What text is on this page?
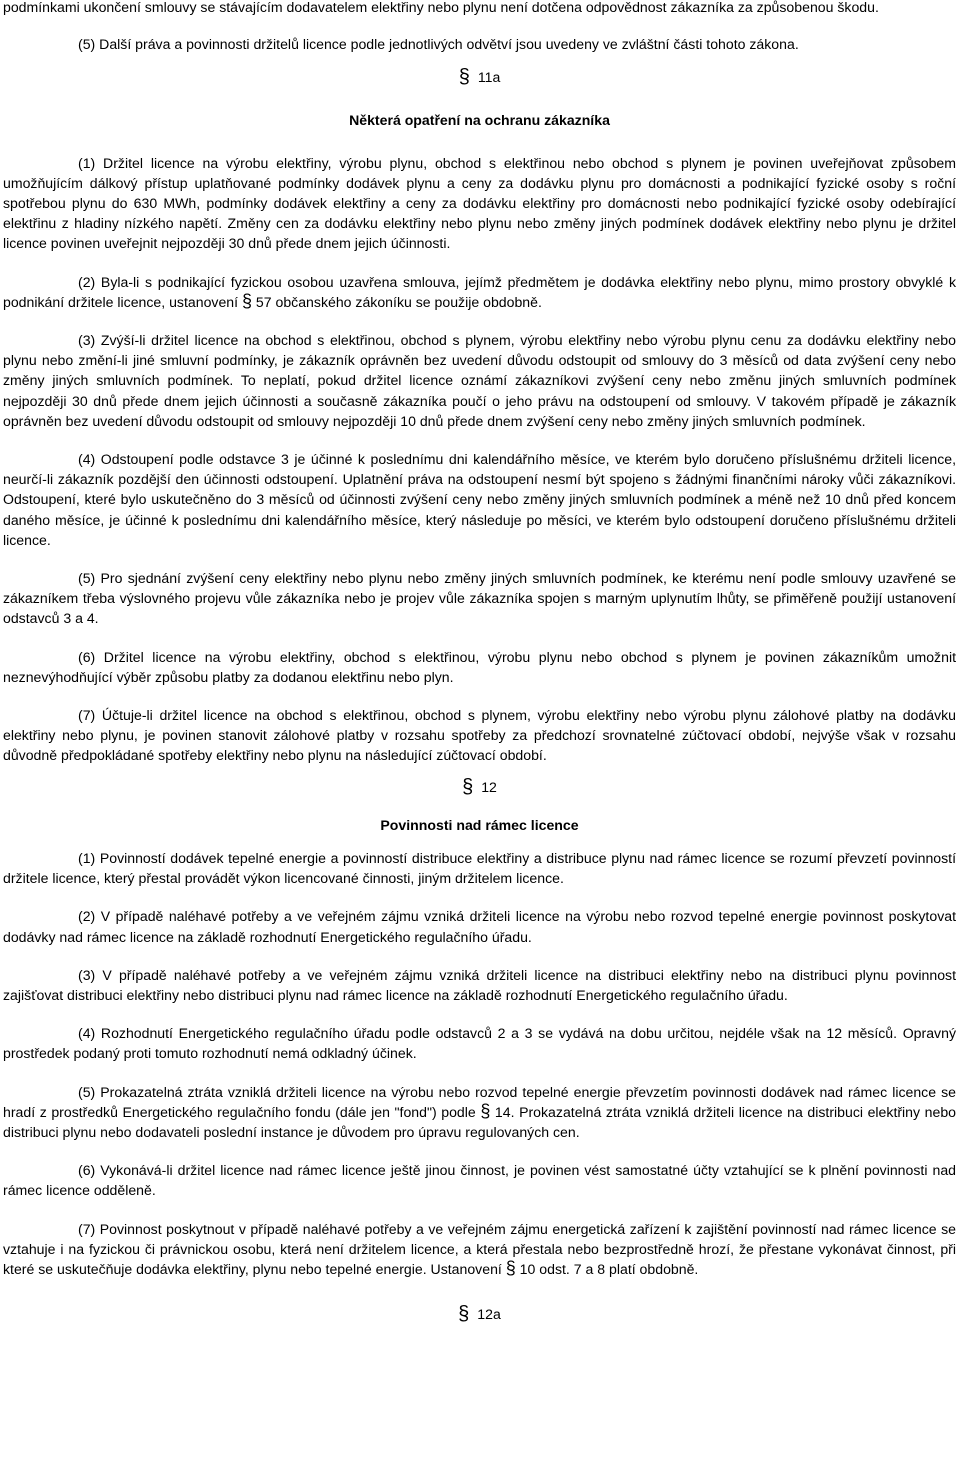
podmínkami ukončení smlouvy se stávajícím dodavatelem elektřiny nebo plynu není dotčena odpovědnost zákazníka za způsobenou škodu.

(5) Další práva a povinnosti držitelů licence podle jednotlivých odvětví jsou uvedeny ve zvláštní části tohoto zákona.

§ 11a

Některá opatření na ochranu zákazníka

(1) Držitel licence na výrobu elektřiny, výrobu plynu, obchod s elektřinou nebo obchod s plynem je povinen uveřejňovat způsobem umožňujícím dálkový přístup uplatňované podmínky dodávek plynu a ceny za dodávku plynu pro domácnosti a podnikající fyzické osoby s roční spotřebou plynu do 630 MWh, podmínky dodávek elektřiny a ceny za dodávku elektřiny pro domácnosti nebo podnikající fyzické osoby odebírající elektřinu z hladiny nízkého napětí. Změny cen za dodávku elektřiny nebo plynu nebo změny jiných podmínek dodávek elektřiny nebo plynu je držitel licence povinen uveřejnit nejpozději 30 dnů přede dnem jejich účinnosti.

(2) Byla-li s podnikající fyzickou osobou uzavřena smlouva, jejímž předmětem je dodávka elektřiny nebo plynu, mimo prostory obvyklé k podnikání držitele licence, ustanovení § 57 občanského zákoníku se použije obdobně.

(3) Zvýší-li držitel licence na obchod s elektřinou, obchod s plynem, výrobu elektřiny nebo výrobu plynu cenu za dodávku elektřiny nebo plynu nebo změní-li jiné smluvní podmínky, je zákazník oprávněn bez uvedení důvodu odstoupit od smlouvy do 3 měsíců od data zvýšení ceny nebo změny jiných smluvních podmínek. To neplatí, pokud držitel licence oznámí zákazníkovi zvýšení ceny nebo změnu jiných smluvních podmínek nejpozději 30 dnů přede dnem jejich účinnosti a současně zákazníka poučí o jeho právu na odstoupení od smlouvy. V takovém případě je zákazník oprávněn bez uvedení důvodu odstoupit od smlouvy nejpozději 10 dnů přede dnem zvýšení ceny nebo změny jiných smluvních podmínek.

(4) Odstoupení podle odstavce 3 je účinné k poslednímu dni kalendářního měsíce, ve kterém bylo doručeno příslušnému držiteli licence, neurčí-li zákazník pozdější den účinnosti odstoupení. Uplatnění práva na odstoupení nesmí být spojeno s žádnými finančními nároky vůči zákazníkovi. Odstoupení, které bylo uskutečněno do 3 měsíců od účinnosti zvýšení ceny nebo změny jiných smluvních podmínek a méně než 10 dnů před koncem daného měsíce, je účinné k poslednímu dni kalendářního měsíce, který následuje po měsíci, ve kterém bylo odstoupení doručeno příslušnému držiteli licence.

(5) Pro sjednání zvýšení ceny elektřiny nebo plynu nebo změny jiných smluvních podmínek, ke kterému není podle smlouvy uzavřené se zákazníkem třeba výslovného projevu vůle zákazníka nebo je projev vůle zákazníka spojen s marným uplynutím lhůty, se přiměřeně použijí ustanovení odstavců 3 a 4.

(6) Držitel licence na výrobu elektřiny, obchod s elektřinou, výrobu plynu nebo obchod s plynem je povinen zákazníkům umožnit neznevýhodňující výběr způsobu platby za dodanou elektřinu nebo plyn.

(7) Účtuje-li držitel licence na obchod s elektřinou, obchod s plynem, výrobu elektřiny nebo výrobu plynu zálohové platby na dodávku elektřiny nebo plynu, je povinen stanovit zálohové platby v rozsahu spotřeby za předchozí srovnatelné zúčtovací období, nejvýše však v rozsahu důvodně předpokládané spotřeby elektřiny nebo plynu na následující zúčtovací období.

§ 12

Povinnosti nad rámec licence

(1) Povinností dodávek tepelné energie a povinností distribuce elektřiny a distribuce plynu nad rámec licence se rozumí převzetí povinností držitele licence, který přestal provádět výkon licencované činnosti, jiným držitelem licence.

(2) V případě naléhavé potřeby a ve veřejném zájmu vzniká držiteli licence na výrobu nebo rozvod tepelné energie povinnost poskytovat dodávky nad rámec licence na základě rozhodnutí Energetického regulačního úřadu.

(3) V případě naléhavé potřeby a ve veřejném zájmu vzniká držiteli licence na distribuci elektřiny nebo na distribuci plynu povinnost zajišťovat distribuci elektřiny nebo distribuci plynu nad rámec licence na základě rozhodnutí Energetického regulačního úřadu.

(4) Rozhodnutí Energetického regulačního úřadu podle odstavců 2 a 3 se vydává na dobu určitou, nejdéle však na 12 měsíců. Opravný prostředek podaný proti tomuto rozhodnutí nemá odkladný účinek.

(5) Prokazatelná ztráta vzniklá držiteli licence na výrobu nebo rozvod tepelné energie převzetím povinnosti dodávek nad rámec licence se hradí z prostředků Energetického regulačního fondu (dále jen "fond") podle § 14. Prokazatelná ztráta vzniklá držiteli licence na distribuci elektřiny nebo distribuci plynu nebo dodavateli poslední instance je důvodem pro úpravu regulovaných cen.

(6) Vykonává-li držitel licence nad rámec licence ještě jinou činnost, je povinen vést samostatné účty vztahující se k plnění povinnosti nad rámec licence odděleně.

(7) Povinnost poskytnout v případě naléhavé potřeby a ve veřejném zájmu energetická zařízení k zajištění povinností nad rámec licence se vztahuje i na fyzickou či právnickou osobu, která není držitelem licence, a která přestala nebo bezprostředně hrozí, že přestane vykonávat činnost, při které se uskutečňuje dodávka elektřiny, plynu nebo tepelné energie. Ustanovení § 10 odst. 7 a 8 platí obdobně.

§ 12a
